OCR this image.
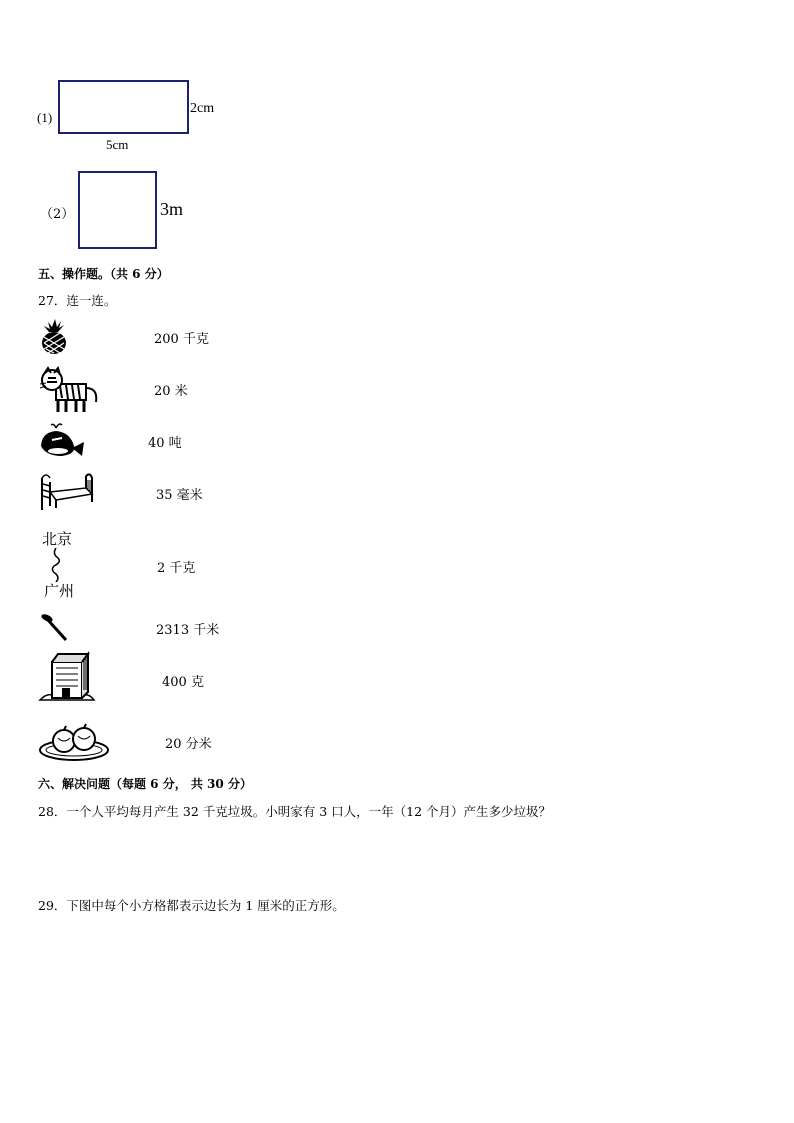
(1)
2cm
5cm
（2）	3m
五、操作题。（共 6 分）
27．连一连。
200 千克
20 米
40 吨
35 毫米
北京
广州
2 千克
2313 千米
400 克
20 分米
六、解决问题（每题 6 分， 共 30 分）
28．一个人平均每月产生 32 千克垃圾。小明家有 3 口人，一年（12 个月）产生多少垃圾？
29．下图中每个小方格都表示边长为 1 厘米的正方形。
